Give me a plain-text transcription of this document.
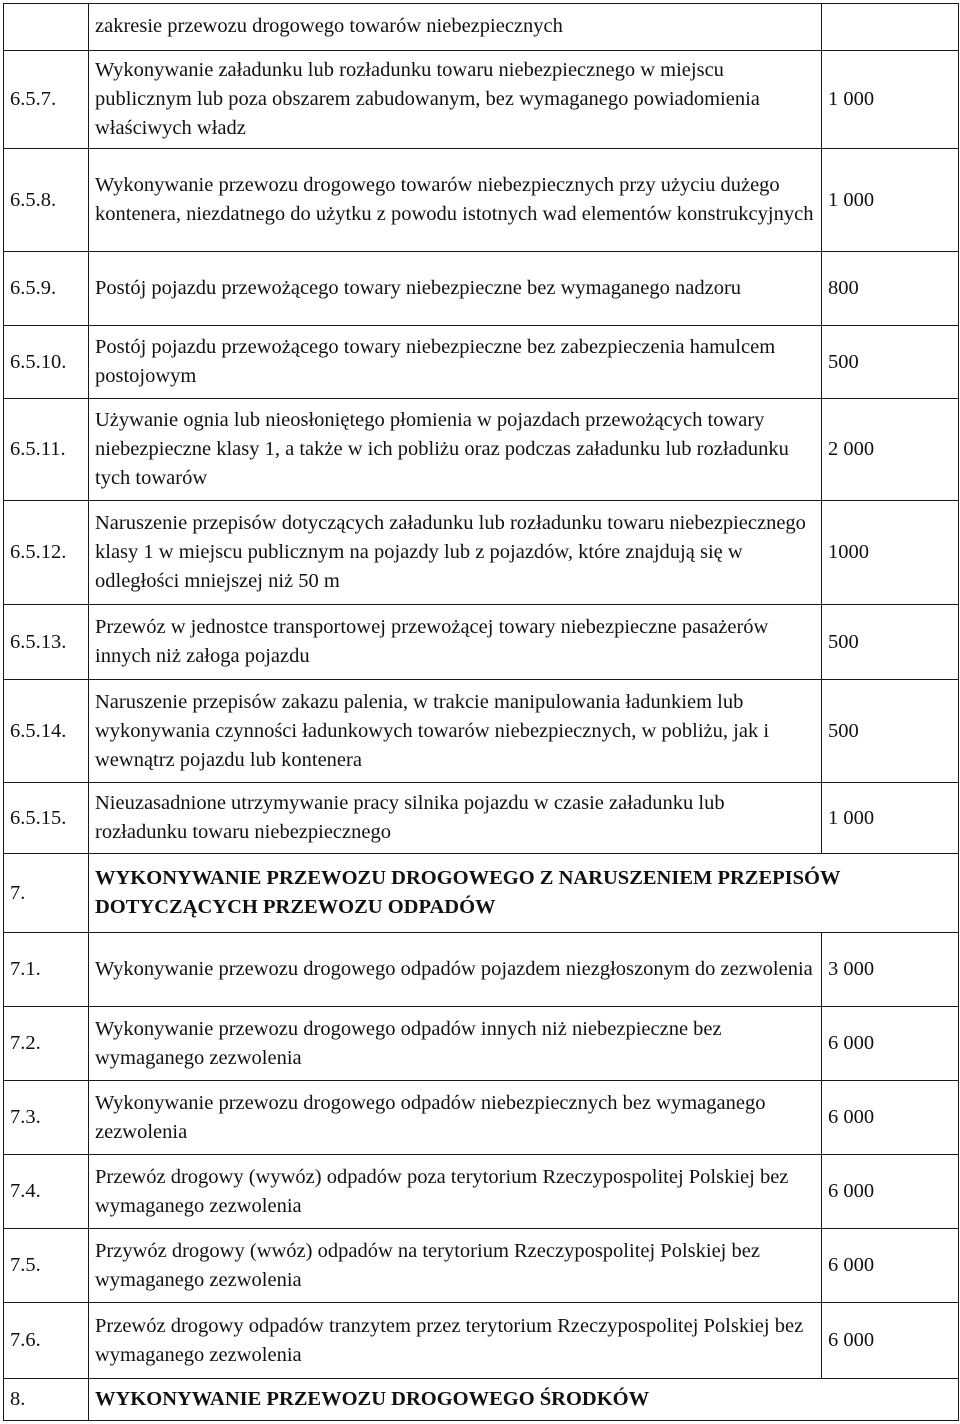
	zakresie przewozu drogowego towarów niebezpiecznych	
6.5.7.	Wykonywanie załadunku lub rozładunku towaru niebezpiecznego w miejscu publicznym lub poza obszarem zabudowanym, bez wymaganego powiadomienia właściwych władz	1 000
6.5.8.	Wykonywanie przewozu drogowego towarów niebezpiecznych przy użyciu dużego kontenera, niezdatnego do użytku z powodu istotnych wad elementów konstrukcyjnych	1 000
6.5.9.	Postój pojazdu przewożącego towary niebezpieczne bez wymaganego nadzoru	800
6.5.10.	Postój pojazdu przewożącego towary niebezpieczne bez zabezpieczenia hamulcem postojowym	500
6.5.11.	Używanie ognia lub nieosłoniętego płomienia w pojazdach przewożących towary niebezpieczne klasy 1, a także w ich pobliżu oraz podczas załadunku lub rozładunku tych towarów	2 000
6.5.12.	Naruszenie przepisów dotyczących załadunku lub rozładunku towaru niebezpiecznego klasy 1 w miejscu publicznym na pojazdy lub z pojazdów, które znajdują się w odległości mniejszej niż 50 m	1000
6.5.13.	Przewóz w jednostce transportowej przewożącej towary niebezpieczne pasażerów innych niż załoga pojazdu	500
6.5.14.	Naruszenie przepisów zakazu palenia, w trakcie manipulowania ładunkiem lub wykonywania czynności ładunkowych towarów niebezpiecznych, w pobliżu, jak i wewnątrz pojazdu lub kontenera	500
6.5.15.	Nieuzasadnione utrzymywanie pracy silnika pojazdu w czasie załadunku lub rozładunku towaru niebezpiecznego	1 000
7.	WYKONYWANIE PRZEWOZU DROGOWEGO Z NARUSZENIEM PRZEPISÓW DOTYCZĄCYCH PRZEWOZU ODPADÓW	
7.1.	Wykonywanie przewozu drogowego odpadów pojazdem niezgłoszonym do zezwolenia	3 000
7.2.	Wykonywanie przewozu drogowego odpadów innych niż niebezpieczne bez wymaganego zezwolenia	6 000
7.3.	Wykonywanie przewozu drogowego odpadów niebezpiecznych bez wymaganego zezwolenia	6 000
7.4.	Przewóz drogowy (wywóz) odpadów poza terytorium Rzeczypospolitej Polskiej bez wymaganego zezwolenia	6 000
7.5.	Przywóz drogowy (wwóz) odpadów na terytorium Rzeczypospolitej Polskiej bez wymaganego zezwolenia	6 000
7.6.	Przewóz drogowy odpadów tranzytem przez terytorium Rzeczypospolitej Polskiej bez wymaganego zezwolenia	6 000
8.	WYKONYWANIE PRZEWOZU DROGOWEGO ŚRODKÓW	
